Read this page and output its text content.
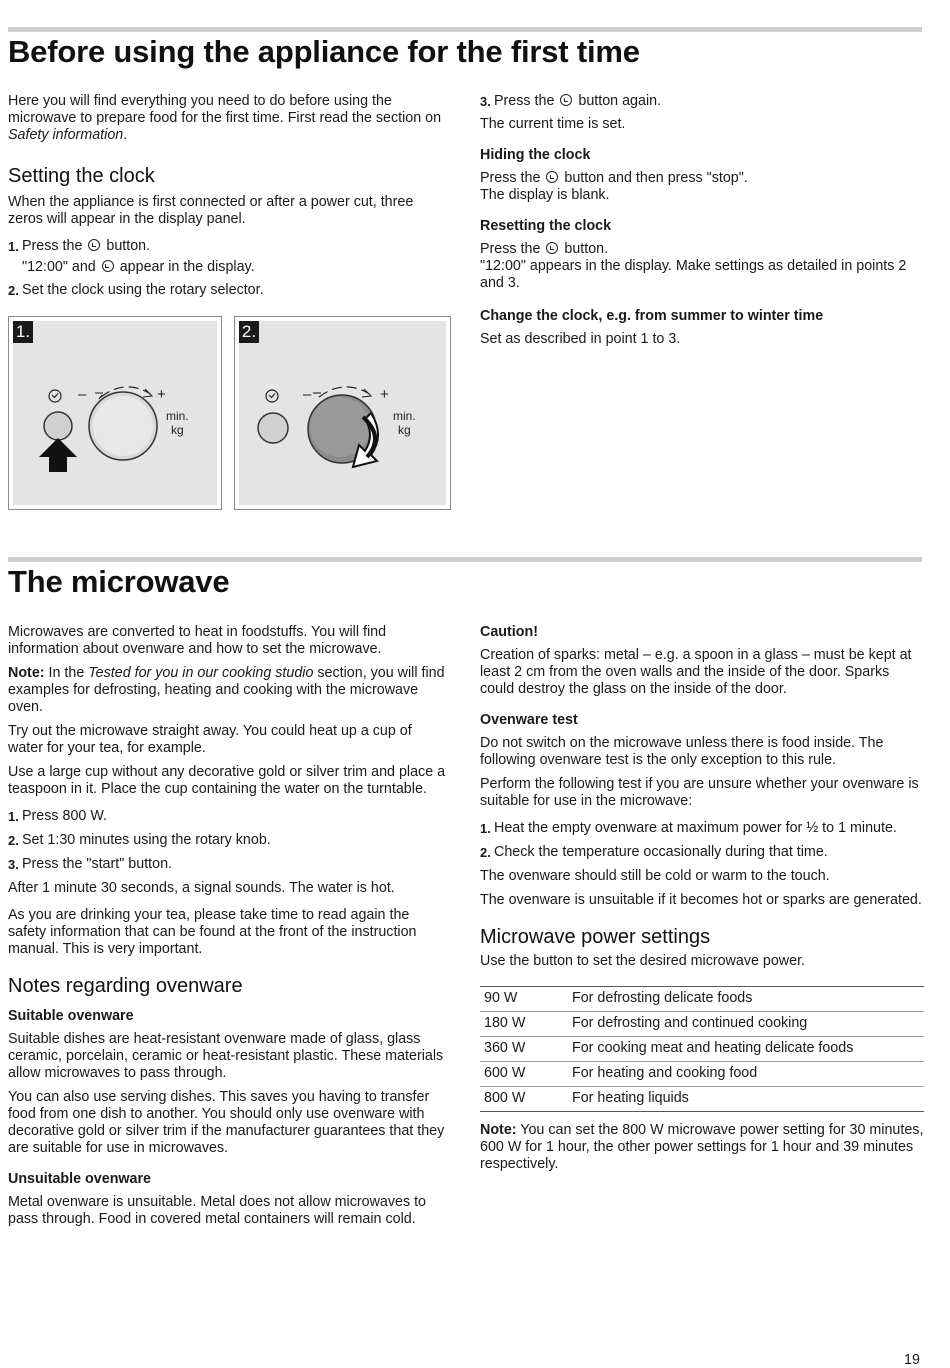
Before using the appliance for the first time

Here you will find everything you need to do before using the microwave to prepare food for the first time. First read the section on Safety information.

Setting the clock

When the appliance is first connected or after a power cut, three zeros will appear in the display panel.

1. Press the button.
"12:00" and appear in the display.
2. Set the clock using the rotary selector.
1.
–	+
min.
kg
2.
–	+
min.
kg
3. Press the button again.

The current time is set.

Hiding the clock

Press the button and then press "stop".
The display is blank.

Resetting the clock

Press the button.
"12:00" appears in the display. Make settings as detailed in points 2 and 3.

Change the clock, e.g. from summer to winter time

Set as described in point 1 to 3.

The microwave

Microwaves are converted to heat in foodstuffs. You will find information about ovenware and how to set the microwave.

Note: In the Tested for you in our cooking studio section, you will find examples for defrosting, heating and cooking with the microwave oven.

Try out the microwave straight away. You could heat up a cup of water for your tea, for example.

Use a large cup without any decorative gold or silver trim and place a teaspoon in it. Place the cup containing the water on the turntable.

1. Press 800 W.
2. Set 1:30 minutes using the rotary knob.
3. Press the "start" button.

After 1 minute 30 seconds, a signal sounds. The water is hot.

As you are drinking your tea, please take time to read again the safety information that can be found at the front of the instruction manual. This is very important.

Notes regarding ovenware
Suitable ovenware

Suitable dishes are heat-resistant ovenware made of glass, glass ceramic, porcelain, ceramic or heat-resistant plastic. These materials allow microwaves to pass through.

You can also use serving dishes. This saves you having to transfer food from one dish to another. You should only use ovenware with decorative gold or silver trim if the manufacturer guarantees that they are suitable for use in microwaves.

Unsuitable ovenware

Metal ovenware is unsuitable. Metal does not allow microwaves to pass through. Food in covered metal containers will remain cold.

Caution!

Creation of sparks: metal – e.g. a spoon in a glass – must be kept at least 2 cm from the oven walls and the inside of the door. Sparks could destroy the glass on the inside of the door.

Ovenware test

Do not switch on the microwave unless there is food inside. The following ovenware test is the only exception to this rule.

Perform the following test if you are unsure whether your ovenware is suitable for use in the microwave:

1. Heat the empty ovenware at maximum power for ½ to 1 minute.
2. Check the temperature occasionally during that time.

The ovenware should still be cold or warm to the touch.

The ovenware is unsuitable if it becomes hot or sparks are generated.

Microwave power settings

Use the button to set the desired microwave power.

90 W	For defrosting delicate foods
180 W	For defrosting and continued cooking
360 W	For cooking meat and heating delicate foods
600 W	For heating and cooking food
800 W	For heating liquids

Note: You can set the 800 W microwave power setting for 30 minutes, 600 W for 1 hour, the other power settings for 1 hour and 39 minutes respectively.

19
